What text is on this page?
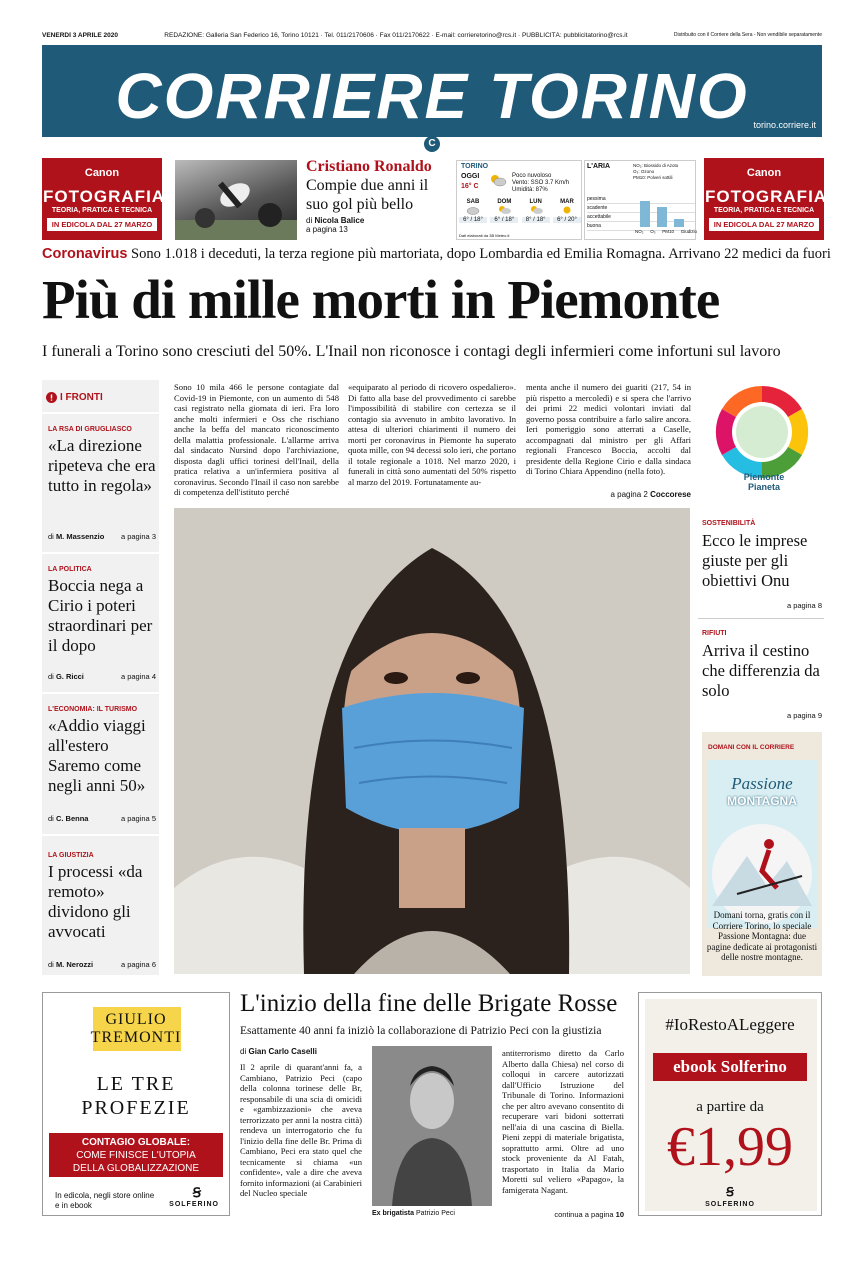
VENERDÌ 3 APRILE 2020	REDAZIONE: Galleria San Federico 16, Torino 10121 · Tel. 011/2170606 · Fax 011/2170622 · E-mail: corrieretorino@rcs.it · PUBBLICITÀ: pubblicitatorino@rcs.it	Distribuito con il Corriere della Sera - Non vendibile separatamente
CORRIERE TORINO torino.corriere.it
C
Canon
FOTOGRAFIA
TEORIA, PRATICA E TECNICA
IN EDICOLA DAL 27 MARZO
Canon
FOTOGRAFIA
TEORIA, PRATICA E TECNICA
IN EDICOLA DAL 27 MARZO
Cristiano Ronaldo
Compie due anni il suo gol più bello
di Nicola Balice
a pagina 13
TORINO
OGGI
16° C
Poco nuvoloso
Vento: SSO 3.7 Km/h
Umidità: 87%
SAB
6° / 18°
DOM
6° / 18°
LUN
8° / 18°
MAR
6° / 20°
Dati elaborati da 3B Meteo.it
L'ARIA	NO₂: Biossido di Azoto
O₃: Ozono
PM10: Polveri sottili
pessima
scadente
accettabile
buona
NO₂ O₃ PM10 Giudizio
Coronavirus Sono 1.018 i deceduti, la terza regione più martoriata, dopo Lombardia ed Emilia Romagna. Arrivano 22 medici da fuori
Più di mille morti in Piemonte
I funerali a Torino sono cresciuti del 50%. L'Inail non riconosce i contagi degli infermieri come infortuni sul lavoro
I FRONTI
LA RSA DI GRUGLIASCO
«La direzione ripeteva che era tutto in regola»
di M. Massenzio a pagina 3
LA POLITICA
Boccia nega a Cirio i poteri straordinari per il dopo
di G. Ricci	a pagina 4
L'ECONOMIA: IL TURISMO
«Addio viaggi all'estero Saremo come negli anni 50»
di C. Benna	a pagina 5
LA GIUSTIZIA
I processi «da remoto» dividono gli avvocati
di M. Nerozzi	a pagina 6
Sono 10 mila 466 le persone contagiate dal Covid-19 in Piemonte, con un aumento di 548 casi registrato nella giornata di ieri. Fra loro anche molti infermieri e Oss che rischiano anche la beffa del mancato riconoscimento della malattia professionale. L'allarme arriva dal sindacato Nursind dopo l'archiviazione, disposta dagli uffici torinesi dell'Inail, della pratica relativa a un'infermiera positiva al coronavirus. Secondo l'Inail il caso non sarebbe di competenza dell'istituto perché
«equiparato al periodo di ricovero ospedaliero». Di fatto alla base del provvedimento ci sarebbe l'impossibilità di stabilire con certezza se il contagio sia avvenuto in ambito lavorativo. In attesa di ulteriori chiarimenti il numero dei morti per coronavirus in Piemonte ha superato quota mille, con 94 decessi solo ieri, che portano il totale regionale a 1018. Nel marzo 2020, i funerali in città sono aumentati del 50% rispetto al marzo del 2019. Fortunatamente au-
menta anche il numero dei guariti (217, 54 in più rispetto a mercoledì) e si spera che l'arrivo dei primi 22 medici volontari inviati dal governo possa contribuire a farlo salire ancora. Ieri pomeriggio sono atterrati a Caselle, accompagnati dal ministro per gli Affari regionali Francesco Boccia, accolti dal presidente della Regione Cirio e dalla sindaca di Torino Chiara Appendino (nella foto).
a pagina 2 Coccorese
Piemonte Pianeta
SOSTENIBILITÀ
Ecco le imprese giuste per gli obiettivi Onu
a pagina 8
RIFIUTI
Arriva il cestino che differenzia da solo
a pagina 9
DOMANI CON IL CORRIERE
Passione
MONTAGNA
Domani torna, gratis con il Corriere Torino, lo speciale Passione Montagna: due pagine dedicate ai protagonisti delle nostre montagne.
GIULIO
TREMONTI
LE TRE
PROFEZIE
CONTAGIO GLOBALE:
COME FINISCE L'UTOPIA
DELLA GLOBALIZZAZIONE
In edicola, negli store online e in ebook	SOLFERINO
Ꞩ
L'inizio della fine delle Brigate Rosse
Esattamente 40 anni fa iniziò la collaborazione di Patrizio Peci con la giustizia
di Gian Carlo Caselli
Il 2 aprile di quarant'anni fa, a Cambiano, Patrizio Peci (capo della colonna torinese delle Br, responsabile di una scia di omicidi e «gambizzazioni» che aveva terrorizzato per anni la nostra città) rendeva un interrogatorio che fu l'inizio della fine delle Br. Prima di Cambiano, Peci era stato quel che tecnicamente si chiama «un confidente», vale a dire che aveva fornito informazioni (ai Carabinieri del Nucleo speciale
Ex brigatista Patrizio Peci
antiterrorismo diretto da Carlo Alberto dalla Chiesa) nel corso di colloqui in carcere autorizzati dall'Ufficio Istruzione del Tribunale di Torino. Informazioni che per altro avevano consentito di recuperare vari bidoni sotterrati nell'aia di una cascina di Biella. Pieni zeppi di materiale brigatista, soprattutto armi. Oltre ad uno stock proveniente da Al Fatah, trasportato in Italia da Mario Moretti sul veliero «Papago», la famigerata Nagant.
continua a pagina 10
#IoRestoALeggere
ebook Solferino
a partire da
€1,99
Ꞩ
SOLFERINO
